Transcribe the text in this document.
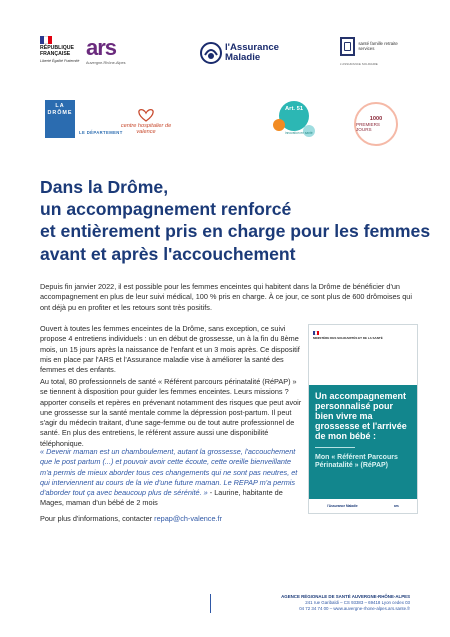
RÉPUBLIQUE FRANÇAISE
Liberté Égalité Fraternité
ars
Auvergne-Rhône-Alpes
l'Assurance
Maladie
santé famille retraite services
L'ASSURANCE SOLIDAIRE
LA DRÔME
LE DÉPARTEMENT
centre hospitalier de valence
Art. 51
innovation en santé
1000
PREMIERS JOURS
Dans la Drôme,
un accompagnement renforcé
et entièrement pris en charge pour les femmes
avant et après l'accouchement

Depuis fin janvier 2022, il est possible pour les femmes enceintes qui habitent dans la Drôme de bénéficier d'un accompagnement en plus de leur suivi médical, 100 % pris en charge. À ce jour, ce sont plus de 600 drômoises qui ont déjà pu en profiter et les retours sont très positifs.

Ouvert à toutes les femmes enceintes de la Drôme, sans exception, ce suivi propose 4 entretiens individuels : un en début de grossesse, un à la fin du 8ème mois, un 15 jours après la naissance de l'enfant et un 3 mois après. Ce dispositif mis en place par l'ARS et l'Assurance maladie vise à améliorer la santé des femmes et des enfants.

Au total, 80 professionnels de santé « Référent parcours périnatalité (RéPAP) » se tiennent à disposition pour guider les femmes enceintes. Leurs missions ? apporter conseils et repères en prévenant notamment des risques que peut avoir une grossesse sur la santé mentale comme la dépression post-partum. Il peut s'agir du médecin traitant, d'une sage-femme ou de tout autre professionnel de santé. En plus des entretiens, le référent assure aussi une disponibilité téléphonique.

« Devenir maman est un chamboulement, autant la grossesse, l'accouchement que le post partum (...) et pouvoir avoir cette écoute, cette oreille bienveillante m'a permis de mieux aborder tous ces changements qui ne sont pas neutres, et qui interviennent au cours de la vie d'une future maman. Le REPAP m'a permis d'aborder tout ça avec beaucoup plus de sérénité. » - Laurine, habitante de Mages, maman d'un bébé de 2 mois

Pour plus d'informations, contacter repap@ch-valence.fr

MINISTÈRE DES SOLIDARITÉS ET DE LA SANTÉ
Un accompagnement personnalisé pour bien vivre ma grossesse et l'arrivée de mon bébé :
Mon « Référent Parcours Périnatalité » (RéPAP)
l'Assurance Maladie	ars
AGENCE RÉGIONALE DE SANTÉ AUVERGNE-RHÔNE-ALPES
241 rue Garibaldi – CS 93383 – 69418 Lyon cedex 03
04 72 34 74 00 – www.auvergne-rhone-alpes.ars.sante.fr
